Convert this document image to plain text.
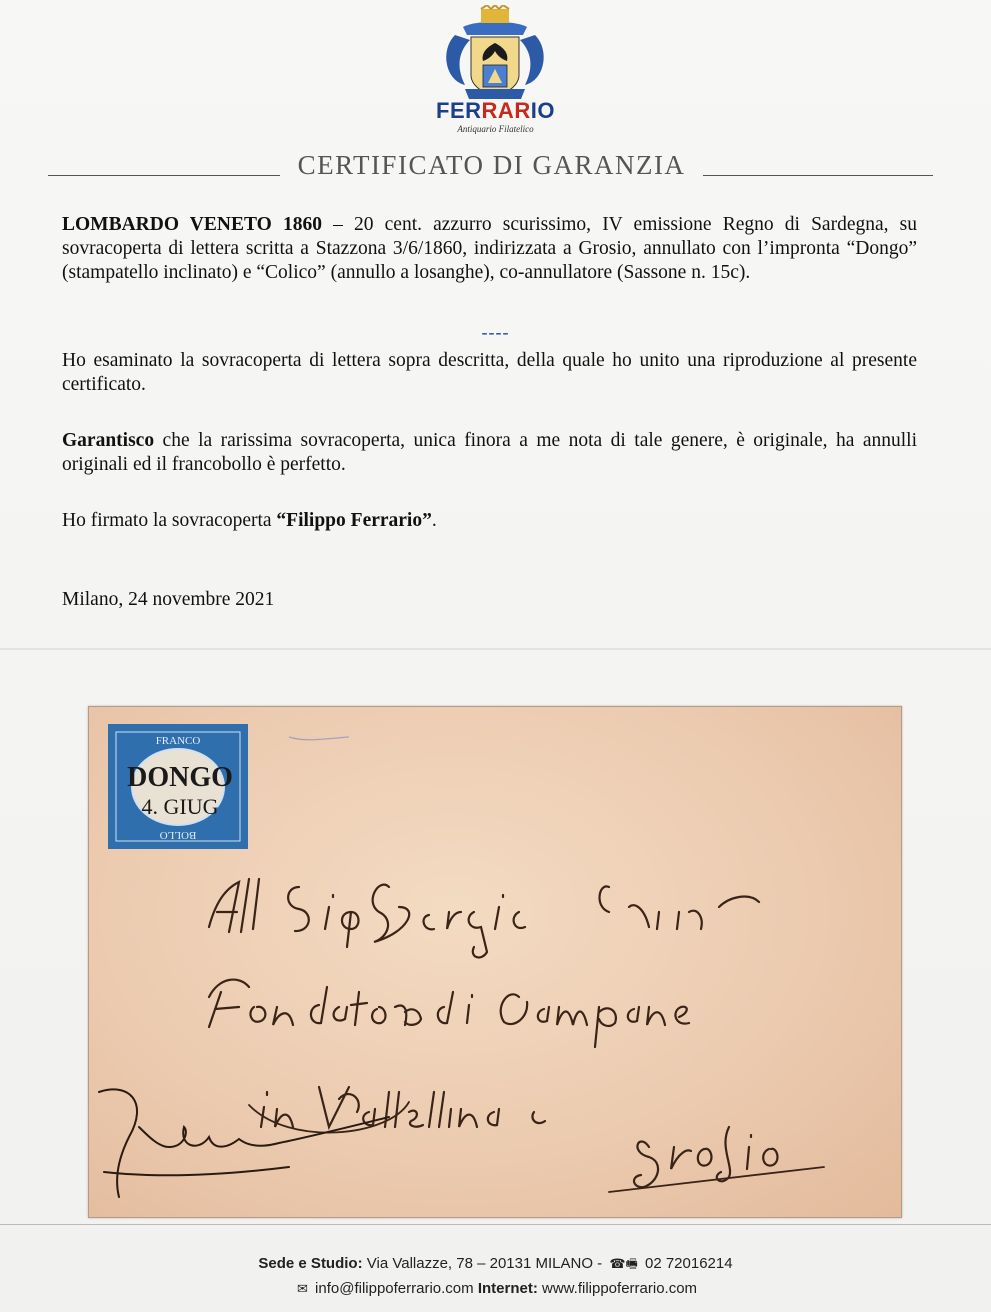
FERRARIO
Antiquario Filatelico
CERTIFICATO DI GARANZIA
LOMBARDO VENETO 1860 – 20 cent. azzurro scurissimo, IV emissione Regno di Sardegna, su sovracoperta di lettera scritta a Stazzona 3/6/1860, indirizzata a Grosio, annullato con l’impronta “Dongo” (stampatello inclinato) e “Colico” (annullo a losanghe), co-annullatore (Sassone n. 15c).
----
Ho esaminato la sovracoperta di lettera sopra descritta, della quale ho unito una riproduzione al presente certificato.
Garantisco che la rarissima sovracoperta, unica finora a me nota di tale genere, è originale, ha annulli originali ed il francobollo è perfetto.
Ho firmato la sovracoperta “Filippo Ferrario”.
Milano, 24 novembre 2021
FRANCO
BOLLO
DONGO
4. GIUG
Sede e Studio: Via Vallazze, 78 – 20131 MILANO - ☎🖷 02 72016214
✉ info@filippoferrario.com Internet: www.filippoferrario.com
